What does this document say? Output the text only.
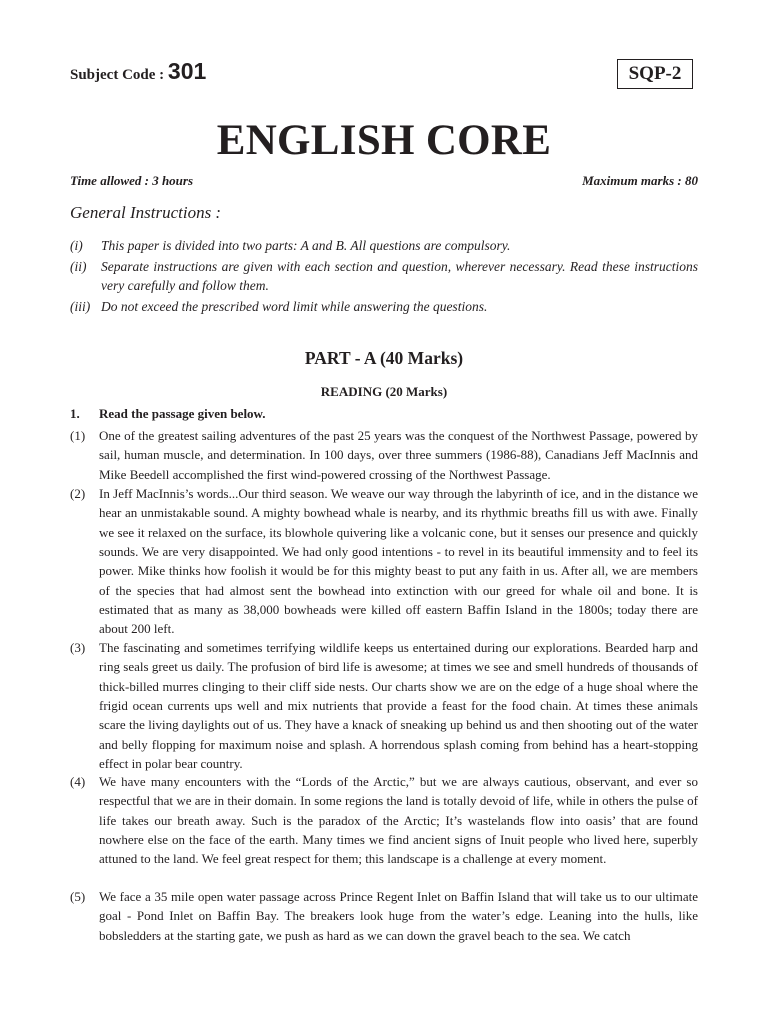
Subject Code : 301	SQP-2
ENGLISH CORE
Time allowed : 3 hours	Maximum marks : 80
General Instructions :
(i) This paper is divided into two parts: A and B. All questions are compulsory.
(ii) Separate instructions are given with each section and question, wherever necessary. Read these instructions very carefully and follow them.
(iii) Do not exceed the prescribed word limit while answering the questions.
PART - A (40 Marks)
READING (20 Marks)
1. Read the passage given below.
(1) One of the greatest sailing adventures of the past 25 years was the conquest of the Northwest Passage, powered by sail, human muscle, and determination. In 100 days, over three summers (1986-88), Canadians Jeff MacInnis and Mike Beedell accomplished the first wind-powered crossing of the Northwest Passage.
(2) In Jeff MacInnis’s words...Our third season. We weave our way through the labyrinth of ice, and in the distance we hear an unmistakable sound. A mighty bowhead whale is nearby, and its rhythmic breaths fill us with awe. Finally we see it relaxed on the surface, its blowhole quivering like a volcanic cone, but it senses our presence and quickly sounds. We are very disappointed. We had only good intentions - to revel in its beautiful immensity and to feel its power. Mike thinks how foolish it would be for this mighty beast to put any faith in us. After all, we are members of the species that had almost sent the bowhead into extinction with our greed for whale oil and bone. It is estimated that as many as 38,000 bowheads were killed off eastern Baffin Island in the 1800s; today there are about 200 left.
(3) The fascinating and sometimes terrifying wildlife keeps us entertained during our explorations. Bearded harp and ring seals greet us daily. The profusion of bird life is awesome; at times we see and smell hundreds of thousands of thick-billed murres clinging to their cliff side nests. Our charts show we are on the edge of a huge shoal where the frigid ocean currents ups well and mix nutrients that provide a feast for the food chain. At times these animals scare the living daylights out of us. They have a knack of sneaking up behind us and then shooting out of the water and belly flopping for maximum noise and splash. A horrendous splash coming from behind has a heart-stopping effect in polar bear country.
(4) We have many encounters with the “Lords of the Arctic,” but we are always cautious, observant, and ever so respectful that we are in their domain. In some regions the land is totally devoid of life, while in others the pulse of life takes our breath away. Such is the paradox of the Arctic; It’s wastelands flow into oasis’ that are found nowhere else on the face of the earth. Many times we find ancient signs of Inuit people who lived here, superbly attuned to the land. We feel great respect for them; this landscape is a challenge at every moment.
(5) We face a 35 mile open water passage across Prince Regent Inlet on Baffin Island that will take us to our ultimate goal - Pond Inlet on Baffin Bay. The breakers look huge from the water’s edge. Leaning into the hulls, like bobsledders at the starting gate, we push as hard as we can down the gravel beach to the sea. We catch
